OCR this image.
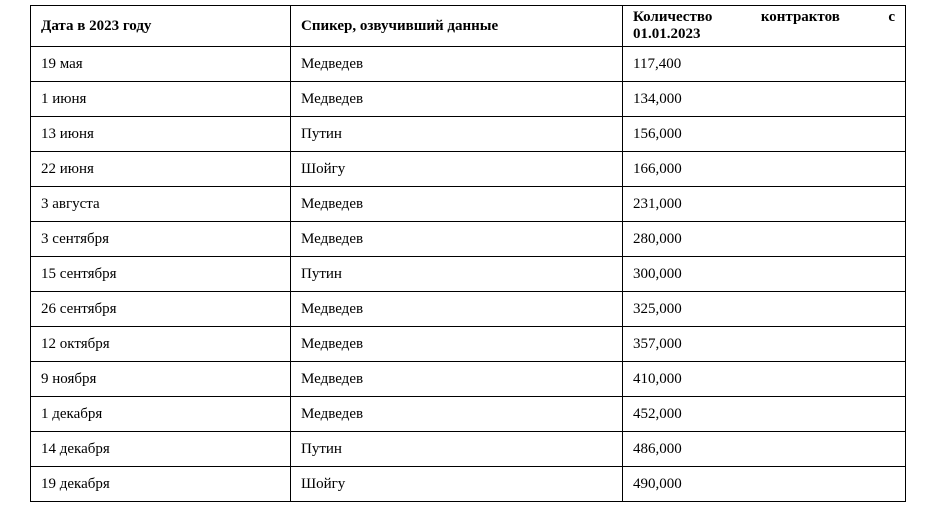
Дата в 2023 году	Спикер, озвучивший данные	Количество контрактов с
01.01.2023
19 мая	Медведев	117,400
1 июня	Медведев	134,000
13 июня	Путин	156,000
22 июня	Шойгу	166,000
3 августа	Медведев	231,000
3 сентября	Медведев	280,000
15 сентября	Путин	300,000
26 сентября	Медведев	325,000
12 октября	Медведев	357,000
9 ноября	Медведев	410,000
1 декабря	Медведев	452,000
14 декабря	Путин	486,000
19 декабря	Шойгу	490,000
